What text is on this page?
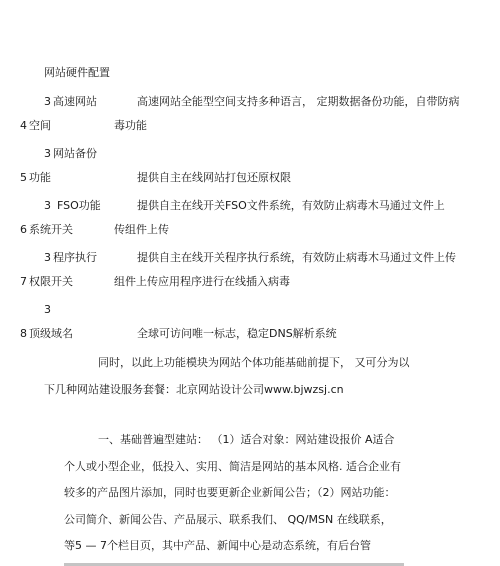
网站硬件配置
3 高速网站	高速网站全能型空间支持多种语言， 定期数据备份功能，自带防病
4 空间	毒功能
3 网站备份
5 功能	提供自主在线网站打包还原权限
3 FSO功能	提供自主在线开关FSO文件系统，有效防止病毒木马通过文件上
6 系统开关	传组件上传
3 程序执行	提供自主在线开关程序执行系统，有效防止病毒木马通过文件上传
7 权限开关	组件上传应用程序进行在线插入病毒
3
8 顶级域名	全球可访问唯一标志，稳定DNS解析系统
同时，以此上功能模块为网站个体功能基础前提下， 又可分为以
下几种网站建设服务套餐：北京网站设计公司www.bjwzsj.cn
一、基础普遍型建站： （1）适合对象：网站建设报价 A适合
个人或小型企业，低投入、实用、简洁是网站的基本风格. 适合企业有
较多的产品图片添加，同时也要更新企业新闻公告；（2）网站功能：
公司简介、新闻公告、产品展示、联系我们、 QQ/MSN 在线联系，
等5 — 7个栏目页，其中产品、新闻中心是动态系统，有后台管
